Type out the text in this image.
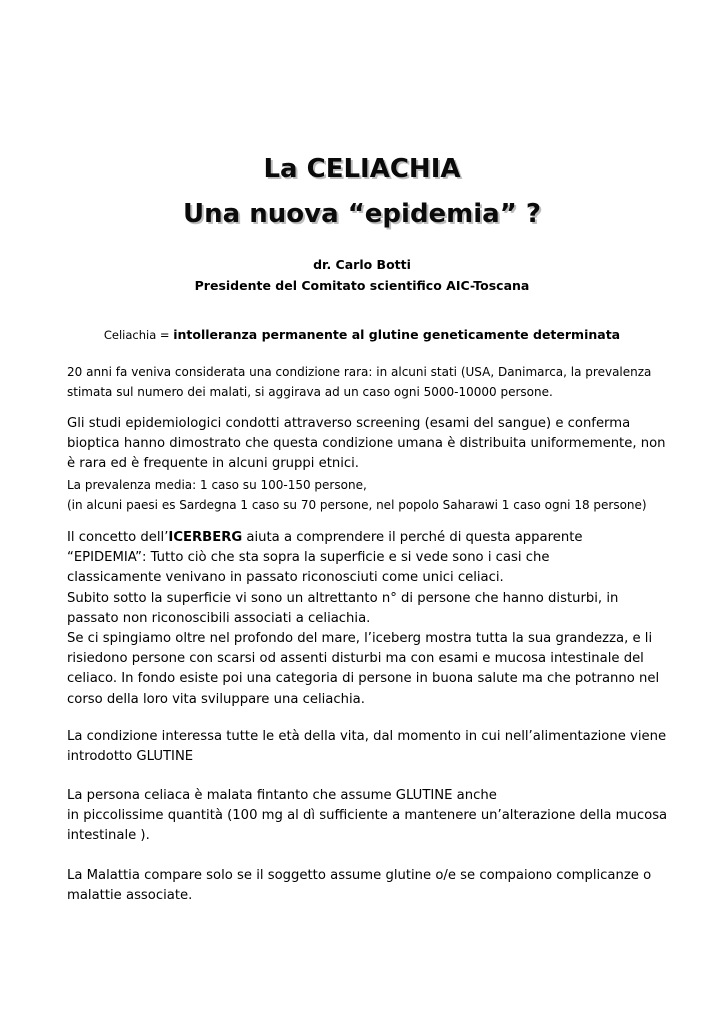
La CELIACHIA
Una nuova “epidemia” ?
dr. Carlo Botti
Presidente del Comitato scientifico AIC-Toscana
Celiachia = intolleranza permanente al glutine geneticamente determinata
20 anni fa veniva considerata una condizione rara: in alcuni stati (USA, Danimarca, la prevalenza
stimata sul numero dei malati, si aggirava ad un caso ogni 5000-10000 persone.
Gli studi epidemiologici condotti attraverso screening (esami del sangue) e conferma
bioptica hanno dimostrato che questa condizione umana è distribuita uniformemente, non
è rara ed è frequente in alcuni gruppi etnici.
La prevalenza media: 1 caso su 100-150 persone,
(in alcuni paesi es Sardegna 1 caso su 70 persone, nel popolo Saharawi 1 caso ogni 18 persone)
Il concetto dell’ICERBERG aiuta a comprendere il perché di questa apparente
“EPIDEMIA”: Tutto ciò che sta sopra la superficie e si vede sono i casi che
classicamente venivano in passato riconosciuti come unici celiaci.
Subito sotto la superficie vi sono un altrettanto n° di persone che hanno disturbi, in
passato non riconoscibili associati a celiachia.
Se ci spingiamo oltre nel profondo del mare, l’iceberg mostra tutta la sua grandezza, e li
risiedono persone con scarsi od assenti disturbi ma con esami e mucosa intestinale del
celiaco. In fondo esiste poi una categoria di persone in buona salute ma che potranno nel
corso della loro vita sviluppare una celiachia.
La condizione interessa tutte le età della vita, dal momento in cui nell’alimentazione viene
introdotto GLUTINE
La persona celiaca è malata fintanto che assume GLUTINE anche
in piccolissime quantità (100 mg al dì sufficiente a mantenere un’alterazione della mucosa
intestinale ).
La Malattia compare solo se il soggetto assume glutine o/e se compaiono complicanze o
malattie associate.
